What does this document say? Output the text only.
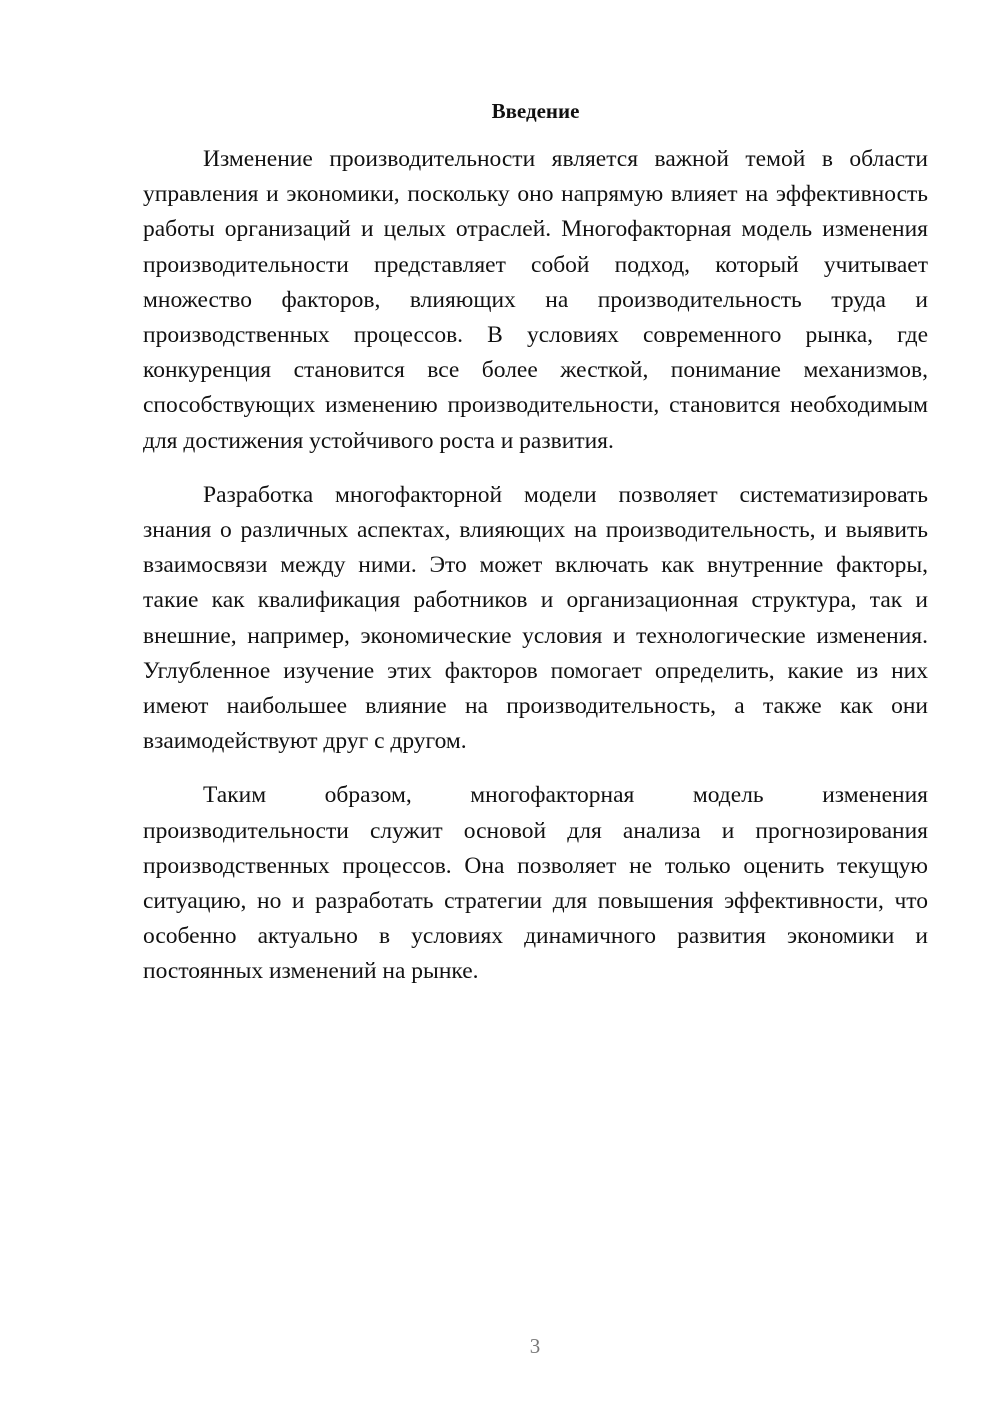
Введение

Изменение производительности является важной темой в области управления и экономики, поскольку оно напрямую влияет на эффективность работы организаций и целых отраслей. Многофакторная модель изменения производительности представляет собой подход, который учитывает множество факторов, влияющих на производительность труда и производственных процессов. В условиях современного рынка, где конкуренция становится все более жесткой, понимание механизмов, способствующих изменению производительности, становится необходимым для достижения устойчивого роста и развития.

Разработка многофакторной модели позволяет систематизировать знания о различных аспектах, влияющих на производительность, и выявить взаимосвязи между ними. Это может включать как внутренние факторы, такие как квалификация работников и организационная структура, так и внешние, например, экономические условия и технологические изменения. Углубленное изучение этих факторов помогает определить, какие из них имеют наибольшее влияние на производительность, а также как они взаимодействуют друг с другом.

Таким образом, многофакторная модель изменения производительности служит основой для анализа и прогнозирования производственных процессов. Она позволяет не только оценить текущую ситуацию, но и разработать стратегии для повышения эффективности, что особенно актуально в условиях динамичного развития экономики и постоянных изменений на рынке.

3
